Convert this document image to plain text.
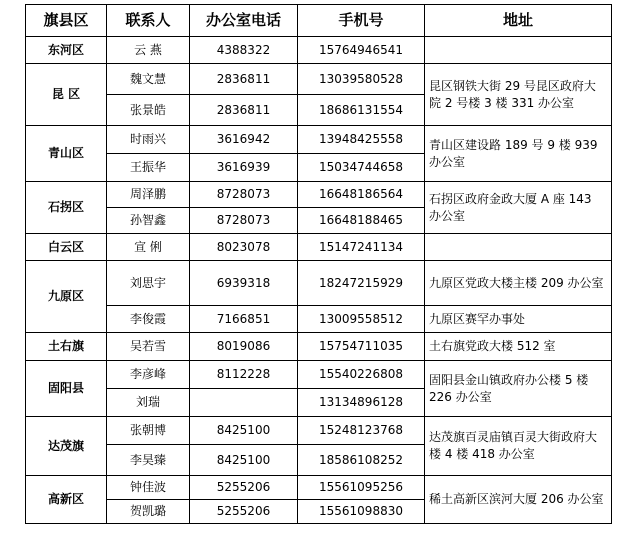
旗县区	联系人	办公室电话	手机号	地址
东河区	云 燕	4388322	15764946541	
昆 区	魏文慧	2836811	13039580528	昆区钢铁大街 29 号昆区政府大院 2 号楼 3 楼 331 办公室
	张景皓	2836811	18686131554	
青山区	时雨兴	3616942	13948425558	青山区建设路 189 号 9 楼 939 办公室
	王振华	3616939	15034744658	
石拐区	周泽鹏	8728073	16648186564	石拐区政府金政大厦 A 座 143 办公室
	孙智鑫	8728073	16648188465	
白云区	宣 俐	8023078	15147241134	
九原区	刘思宇	6939318	18247215929	九原区党政大楼主楼 209 办公室
	李俊霞	7166851	13009558512	九原区赛罕办事处
土右旗	吴若雪	8019086	15754711035	土右旗党政大楼 512 室
固阳县	李彦峰	8112228	15540226808	固阳县金山镇政府办公楼 5 楼 226 办公室
	刘瑞		13134896128	
达茂旗	张朝博	8425100	15248123768	达茂旗百灵庙镇百灵大街政府大楼 4 楼 418 办公室
	李昊臻	8425100	18586108252	
高新区	钟佳波	5255206	15561095256	稀土高新区滨河大厦 206 办公室
	贺凯璐	5255206	15561098830	
